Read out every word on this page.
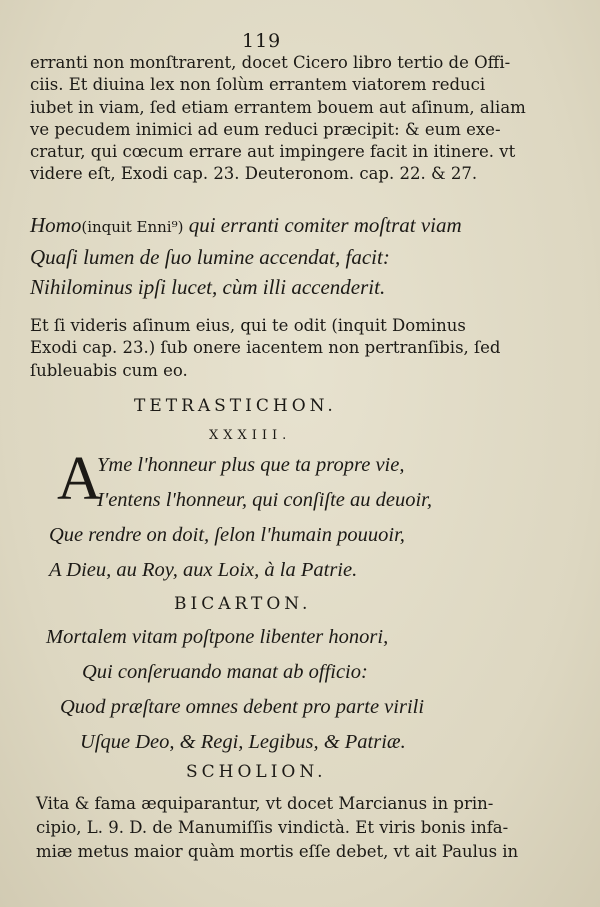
119
erranti non monſtrarent, docet Cicero libro tertio de Offi-
ciis. Et diuina lex non ſolùm errantem viatorem reduci
iubet in viam, ſed etiam errantem bouem aut aſinum, aliam
ve pecudem inimici ad eum reduci præcipit: & eum exe-
cratur, qui cœcum errare aut impingere facit in itinere. vt
videre eſt, Exodi cap. 23. Deuteronom. cap. 22. & 27.
Homo(inquit Enni⁹) qui erranti comiter moſtrat viam
Quaſi lumen de ſuo lumine accendat, facit:
Nihilominus ipſi lucet, cùm illi accenderit.
Et ſi videris aſinum eius, qui te odit (inquit Dominus
Exodi cap. 23.) ſub onere iacentem non pertranſibis, ſed
ſubleuabis cum eo.
TETRASTICHON.
XXXIII.
A
Yme l'honneur plus que ta propre vie,
I'entens l'honneur, qui conſiſte au deuoir,
Que rendre on doit, ſelon l'humain pouuoir,
A Dieu, au Roy, aux Loix, à la Patrie.
BICARTON.
Mortalem vitam poſtpone libenter honori,
Qui conſeruando manat ab officio:
Quod præſtare omnes debent pro parte virili
Uſque Deo, & Regi, Legibus, & Patriæ.
SCHOLION.
Vita & fama æquiparantur, vt docet Marcianus in prin-
cipio, L. 9. D. de Manumiſſis vindictà. Et viris bonis infa-
miæ metus maior quàm mortis eſſe debet, vt ait Paulus in
